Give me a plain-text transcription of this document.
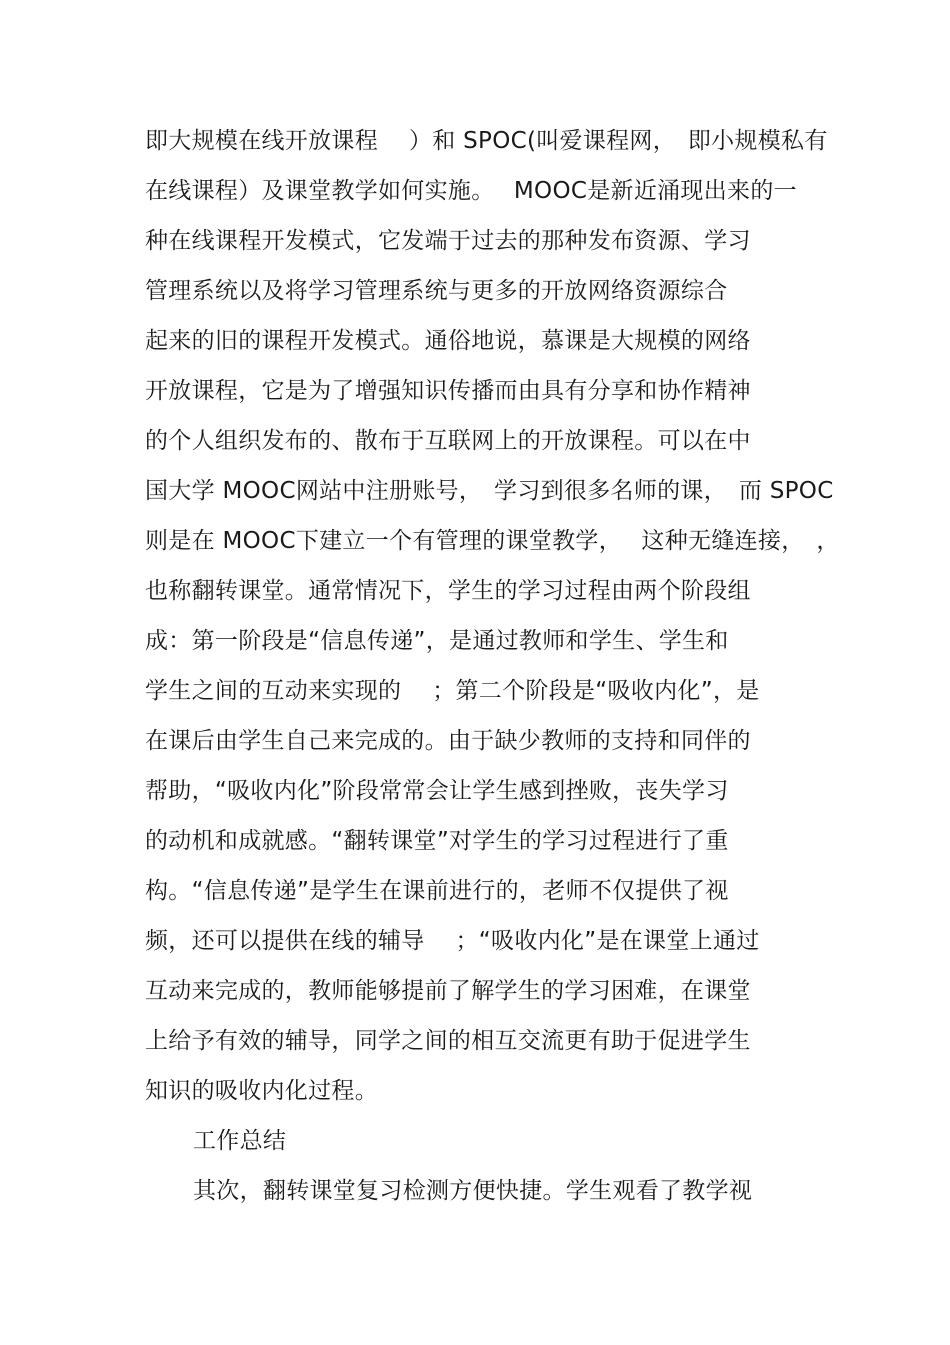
即大规模在线开放课程　 ）和 SPOC(叫爱课程网，　即小规模私有
在线课程）及课堂教学如何实施。　 MOOC是新近涌现出来的一
种在线课程开发模式，它发端于过去的那种发布资源、学习
管理系统以及将学习管理系统与更多的开放网络资源综合
起来的旧的课程开发模式。通俗地说，慕课是大规模的网络
开放课程，它是为了增强知识传播而由具有分享和协作精神
的个人组织发布的、散布于互联网上的开放课程。可以在中
国大学 MOOC网站中注册账号，　学习到很多名师的课，　而 SPOC
则是在 MOOC下建立一个有管理的课堂教学，　 这种无缝连接，　，
也称翻转课堂。通常情况下，学生的学习过程由两个阶段组
成：第一阶段是“信息传递”，是通过教师和学生、学生和
学生之间的互动来实现的　 ；第二个阶段是“吸收内化”，是
在课后由学生自己来完成的。由于缺少教师的支持和同伴的
帮助，“吸收内化”阶段常常会让学生感到挫败，丧失学习
的动机和成就感。“翻转课堂”对学生的学习过程进行了重
构。“信息传递”是学生在课前进行的，老师不仅提供了视
频，还可以提供在线的辅导　 ；“吸收内化”是在课堂上通过
互动来完成的，教师能够提前了解学生的学习困难，在课堂
上给予有效的辅导，同学之间的相互交流更有助于促进学生
知识的吸收内化过程。
工作总结
其次，翻转课堂复习检测方便快捷。学生观看了教学视
